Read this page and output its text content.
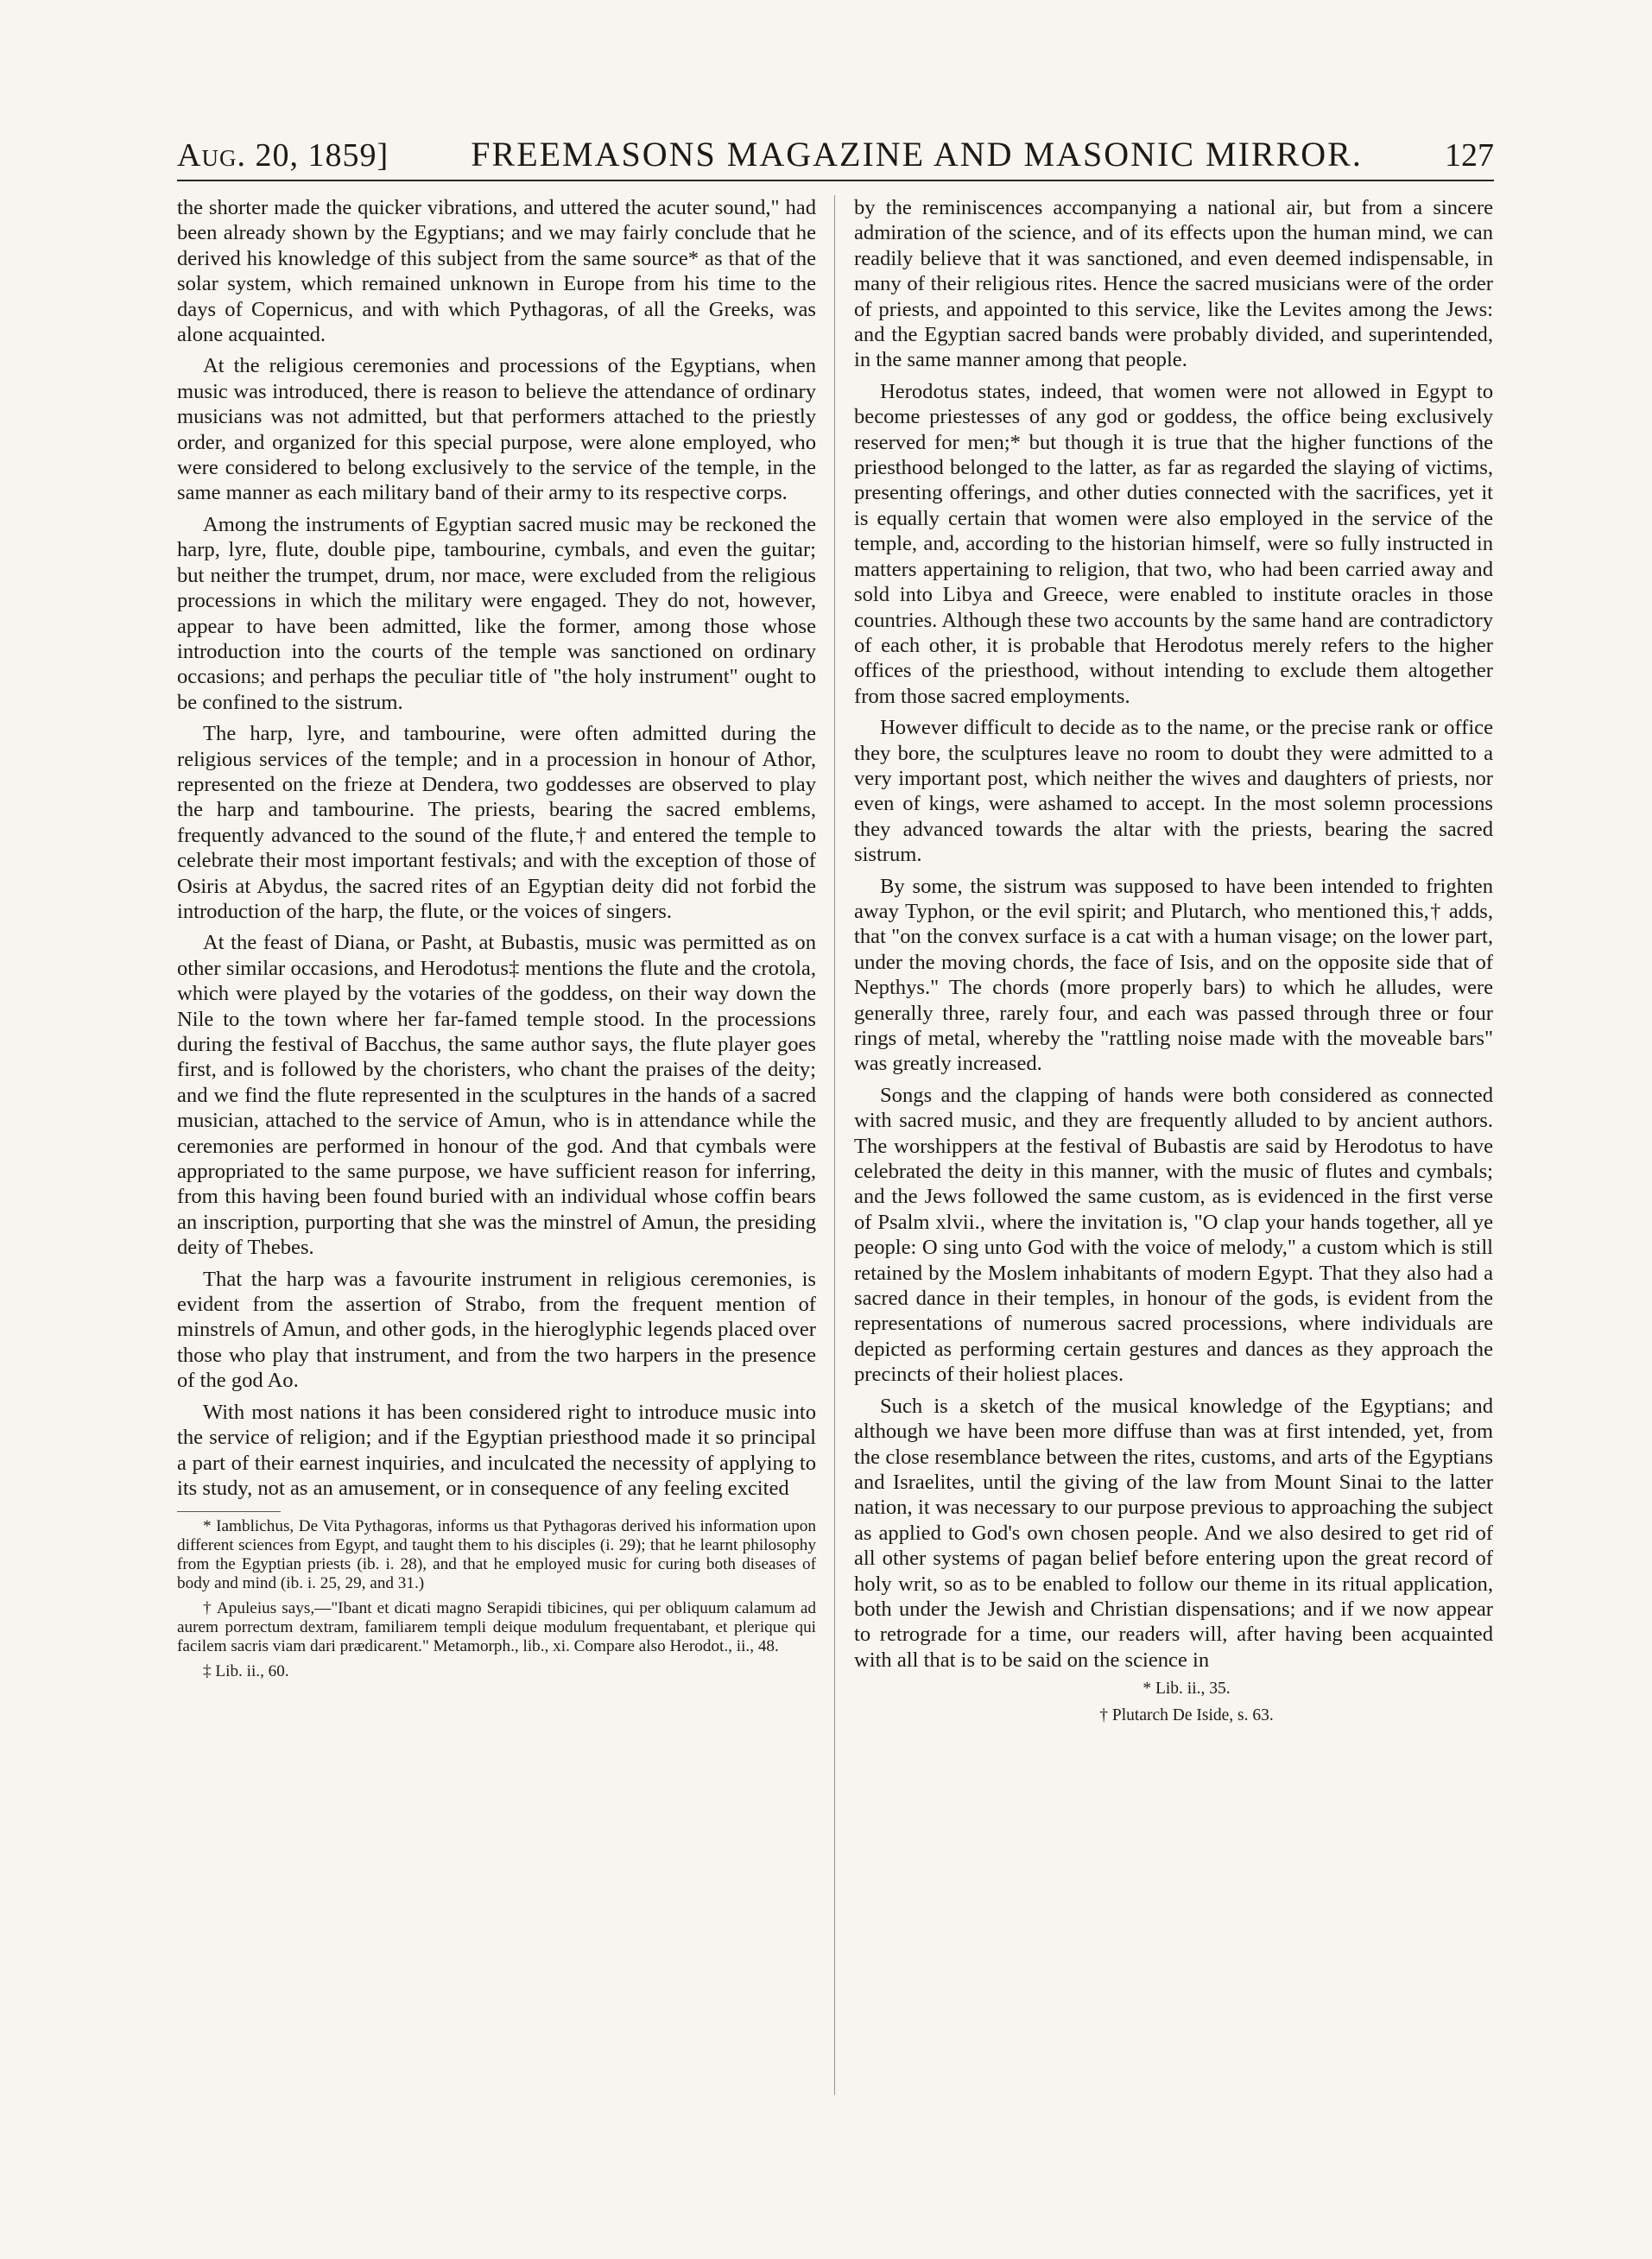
Aug. 20, 1859] FREEMASONS MAGAZINE AND MASONIC MIRROR.	127

the shorter made the quicker vibrations, and uttered the acuter sound," had been already shown by the Egyptians; and we may fairly conclude that he derived his knowledge of this subject from the same source* as that of the solar system, which remained unknown in Europe from his time to the days of Copernicus, and with which Pythagoras, of all the Greeks, was alone acquainted.

At the religious ceremonies and processions of the Egyptians, when music was introduced, there is reason to believe the attendance of ordinary musicians was not admitted, but that performers attached to the priestly order, and organized for this special purpose, were alone employed, who were considered to belong exclusively to the service of the temple, in the same manner as each military band of their army to its respective corps.

Among the instruments of Egyptian sacred music may be reckoned the harp, lyre, flute, double pipe, tambourine, cymbals, and even the guitar; but neither the trumpet, drum, nor mace, were excluded from the religious processions in which the military were engaged. They do not, however, appear to have been admitted, like the former, among those whose introduction into the courts of the temple was sanctioned on ordinary occasions; and perhaps the peculiar title of "the holy instrument" ought to be confined to the sistrum.

The harp, lyre, and tambourine, were often admitted during the religious services of the temple; and in a procession in honour of Athor, represented on the frieze at Dendera, two goddesses are observed to play the harp and tambourine. The priests, bearing the sacred emblems, frequently advanced to the sound of the flute,† and entered the temple to celebrate their most important festivals; and with the exception of those of Osiris at Abydus, the sacred rites of an Egyptian deity did not forbid the introduction of the harp, the flute, or the voices of singers.

At the feast of Diana, or Pasht, at Bubastis, music was permitted as on other similar occasions, and Herodotus‡ mentions the flute and the crotola, which were played by the votaries of the goddess, on their way down the Nile to the town where her far-famed temple stood. In the processions during the festival of Bacchus, the same author says, the flute player goes first, and is followed by the choristers, who chant the praises of the deity; and we find the flute represented in the sculptures in the hands of a sacred musician, attached to the service of Amun, who is in attendance while the ceremonies are performed in honour of the god. And that cymbals were appropriated to the same purpose, we have sufficient reason for inferring, from this having been found buried with an individual whose coffin bears an inscription, purporting that she was the minstrel of Amun, the presiding deity of Thebes.

That the harp was a favourite instrument in religious ceremonies, is evident from the assertion of Strabo, from the frequent mention of minstrels of Amun, and other gods, in the hieroglyphic legends placed over those who play that instrument, and from the two harpers in the presence of the god Ao.

With most nations it has been considered right to introduce music into the service of religion; and if the Egyptian priesthood made it so principal a part of their earnest inquiries, and inculcated the necessity of applying to its study, not as an amusement, or in consequence of any feeling excited

* Iamblichus, De Vita Pythagoras, informs us that Pythagoras derived his information upon different sciences from Egypt, and taught them to his disciples (i. 29); that he learnt philosophy from the Egyptian priests (ib. i. 28), and that he employed music for curing both diseases of body and mind (ib. i. 25, 29, and 31.)

† Apuleius says,—"Ibant et dicati magno Serapidi tibicines, qui per obliquum calamum ad aurem porrectum dextram, familiarem templi deique modulum frequentabant, et plerique qui facilem sacris viam dari prædicarent." Metamorph., lib., xi. Compare also Herodot., ii., 48.

‡ Lib. ii., 60.

by the reminiscences accompanying a national air, but from a sincere admiration of the science, and of its effects upon the human mind, we can readily believe that it was sanctioned, and even deemed indispensable, in many of their religious rites. Hence the sacred musicians were of the order of priests, and appointed to this service, like the Levites among the Jews: and the Egyptian sacred bands were probably divided, and superintended, in the same manner among that people.

Herodotus states, indeed, that women were not allowed in Egypt to become priestesses of any god or goddess, the office being exclusively reserved for men;* but though it is true that the higher functions of the priesthood belonged to the latter, as far as regarded the slaying of victims, presenting offerings, and other duties connected with the sacrifices, yet it is equally certain that women were also employed in the service of the temple, and, according to the historian himself, were so fully instructed in matters appertaining to religion, that two, who had been carried away and sold into Libya and Greece, were enabled to institute oracles in those countries. Although these two accounts by the same hand are contradictory of each other, it is probable that Herodotus merely refers to the higher offices of the priesthood, without intending to exclude them altogether from those sacred employments.

However difficult to decide as to the name, or the precise rank or office they bore, the sculptures leave no room to doubt they were admitted to a very important post, which neither the wives and daughters of priests, nor even of kings, were ashamed to accept. In the most solemn processions they advanced towards the altar with the priests, bearing the sacred sistrum.

By some, the sistrum was supposed to have been intended to frighten away Typhon, or the evil spirit; and Plutarch, who mentioned this,† adds, that "on the convex surface is a cat with a human visage; on the lower part, under the moving chords, the face of Isis, and on the opposite side that of Nepthys." The chords (more properly bars) to which he alludes, were generally three, rarely four, and each was passed through three or four rings of metal, whereby the "rattling noise made with the moveable bars" was greatly increased.

Songs and the clapping of hands were both considered as connected with sacred music, and they are frequently alluded to by ancient authors. The worshippers at the festival of Bubastis are said by Herodotus to have celebrated the deity in this manner, with the music of flutes and cymbals; and the Jews followed the same custom, as is evidenced in the first verse of Psalm xlvii., where the invitation is, "O clap your hands together, all ye people: O sing unto God with the voice of melody," a custom which is still retained by the Moslem inhabitants of modern Egypt. That they also had a sacred dance in their temples, in honour of the gods, is evident from the representations of numerous sacred processions, where individuals are depicted as performing certain gestures and dances as they approach the precincts of their holiest places.

Such is a sketch of the musical knowledge of the Egyptians; and although we have been more diffuse than was at first intended, yet, from the close resemblance between the rites, customs, and arts of the Egyptians and Israelites, until the giving of the law from Mount Sinai to the latter nation, it was necessary to our purpose previous to approaching the subject as applied to God's own chosen people. And we also desired to get rid of all other systems of pagan belief before entering upon the great record of holy writ, so as to be enabled to follow our theme in its ritual application, both under the Jewish and Christian dispensations; and if we now appear to retrograde for a time, our readers will, after having been acquainted with all that is to be said on the science in

* Lib. ii., 35.

† Plutarch De Iside, s. 63.
